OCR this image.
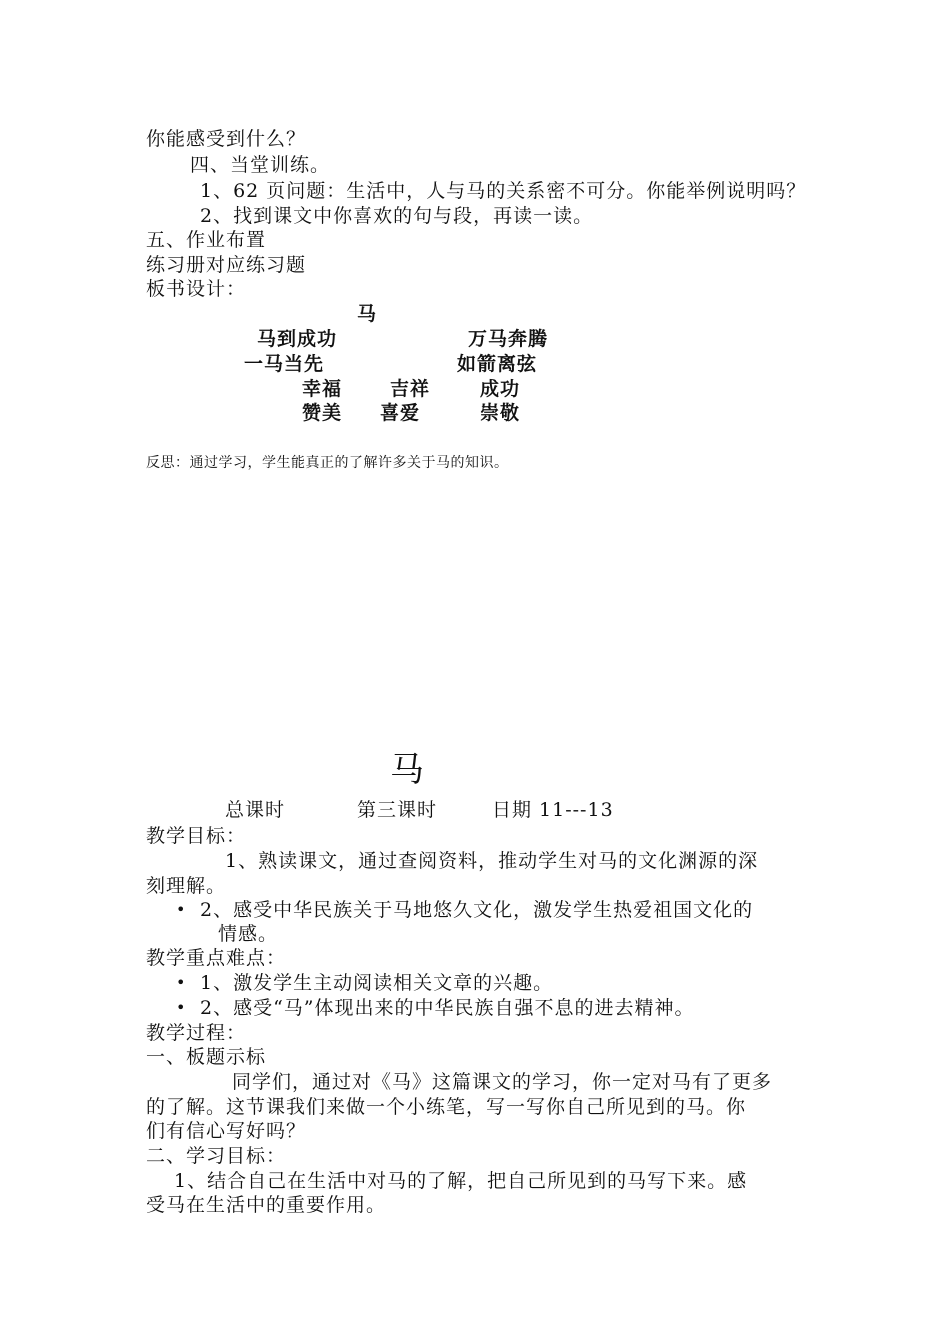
你能感受到什么？
四、当堂训练。
1、62 页问题：生活中，人与马的关系密不可分。你能举例说明吗？
2、找到课文中你喜欢的句与段，再读一读。
五、作业布置
练习册对应练习题
板书设计：
马
马到成功	万马奔腾
一马当先	如箭离弦
幸福	吉祥	成功
赞美 喜爱	崇敬
反思：通过学习，学生能真正的了解许多关于马的知识。
马
总课时	第三课时	日期 11---13
教学目标：
1、熟读课文，通过查阅资料，推动学生对马的文化渊源的深
刻理解。
• 2、感受中华民族关于马地悠久文化，激发学生热爱祖国文化的
情感。
教学重点难点：
• 1、激发学生主动阅读相关文章的兴趣。
• 2、感受“马”体现出来的中华民族自强不息的进去精神。
教学过程：
一、板题示标
同学们，通过对《马》这篇课文的学习，你一定对马有了更多
的了解。这节课我们来做一个小练笔，写一写你自己所见到的马。你
们有信心写好吗？
二、学习目标：
1、结合自己在生活中对马的了解，把自己所见到的马写下来。感
受马在生活中的重要作用。
